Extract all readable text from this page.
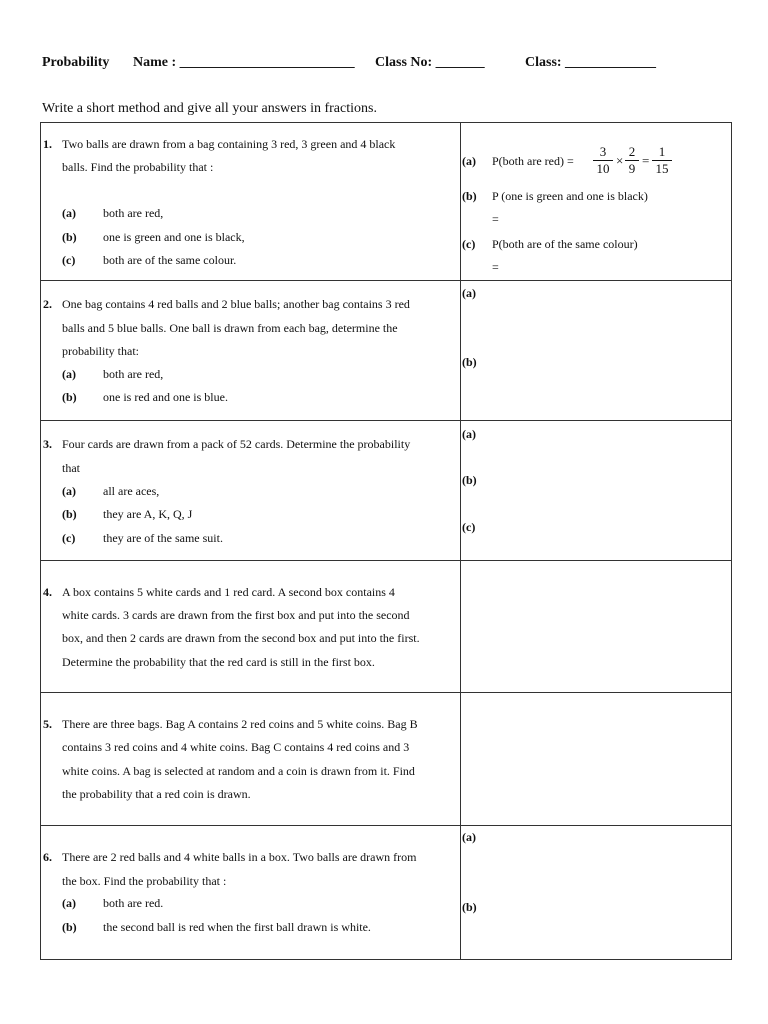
Probability Name : _________________________ Class No: _______	Class: _____________
Write a short method and give all your answers in fractions.
1. Two balls are drawn from a bag containing 3 red, 3 green and 4 black
balls. Find the probability that :
(a) both are red,
(b) one is green and one is black,
(c) both are of the same colour.
(a) P(both are $red) = \frac{3}{10} \times \frac{2}{9} = \frac{1}{15}$
(b) P (one is green and one is black)
=
(c) P(both are of the same colour)
=
2. One bag contains 4 red balls and 2 blue balls; another bag contains 3 red
balls and 5 blue balls. One ball is drawn from each bag, determine the
probability that:
(a) both are red,
(b) one is red and one is blue.
(a)
(b)
3. Four cards are drawn from a pack of 52 cards. Determine the probability
that
(a) all are aces,
(b) they are A, K, Q, J
(c) they are of the same suit.
(a)
(b)
(c)
4. A box contains 5 white cards and 1 red card. A second box contains 4
white cards. 3 cards are drawn from the first box and put into the second
box, and then 2 cards are drawn from the second box and put into the first.
Determine the probability that the red card is still in the first box.
5. There are three bags. Bag A contains 2 red coins and 5 white coins. Bag B
contains 3 red coins and 4 white coins. Bag C contains 4 red coins and 3
white coins. A bag is selected at random and a coin is drawn from it. Find
the probability that a red coin is drawn.
6. There are 2 red balls and 4 white balls in a box. Two balls are drawn from
the box. Find the probability that :
(a) both are red.
(b) the second ball is red when the first ball drawn is white.
(a)
(b)
